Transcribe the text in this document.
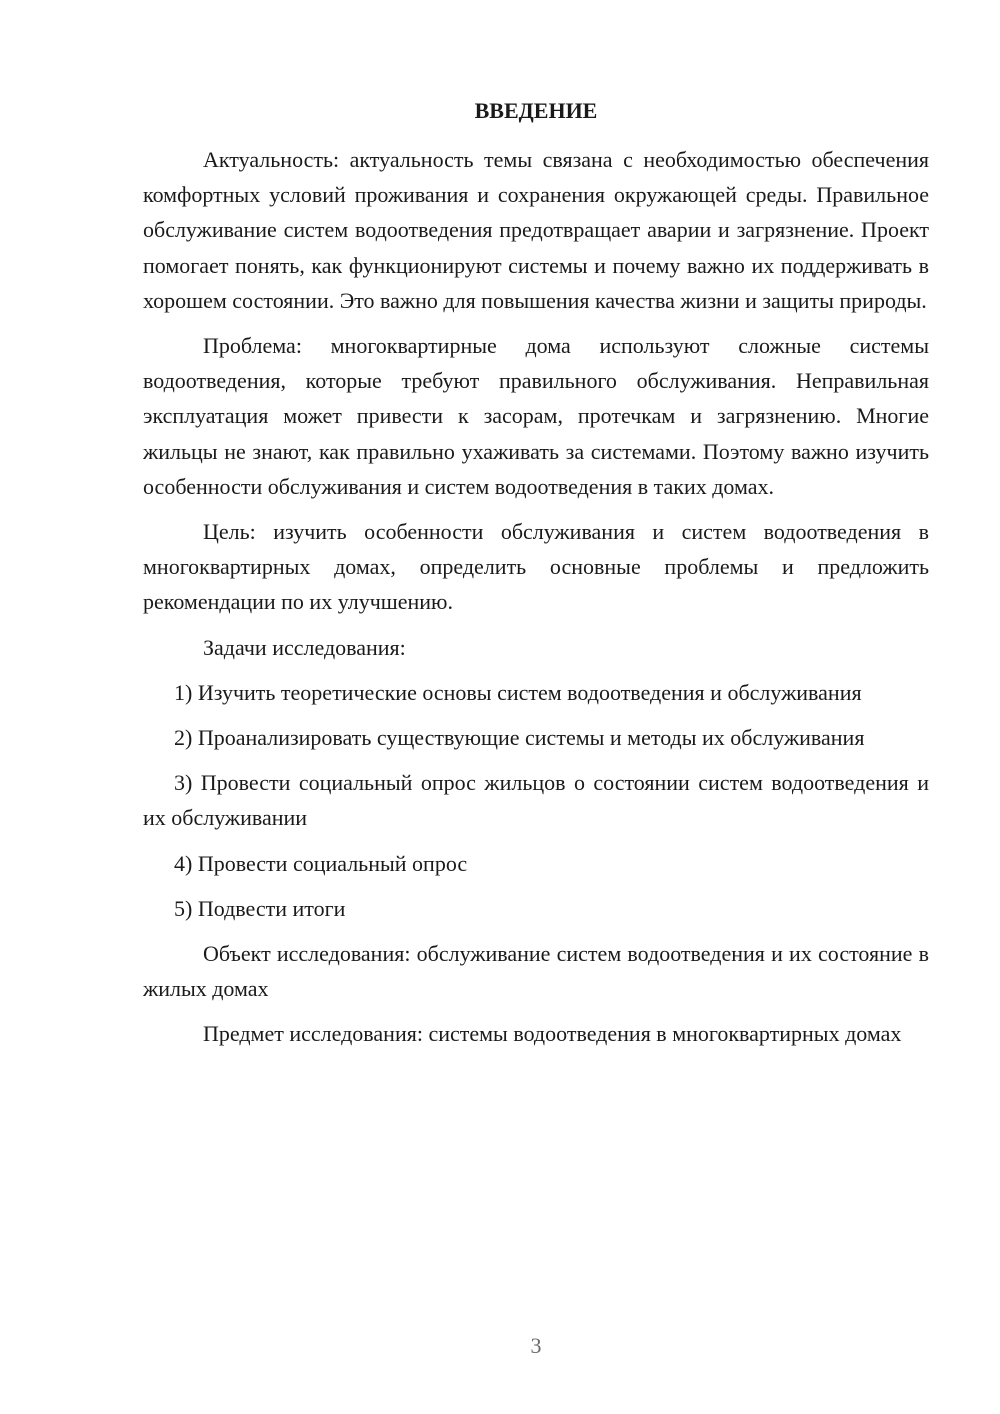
ВВЕДЕНИЕ

Актуальность: актуальность темы связана с необходимостью обеспечения комфортных условий проживания и сохранения окружающей среды. Правильное обслуживание систем водоотведения предотвращает аварии и загрязнение. Проект помогает понять, как функционируют системы и почему важно их поддерживать в хорошем состоянии. Это важно для повышения качества жизни и защиты природы.

Проблема: многоквартирные дома используют сложные системы водоотведения, которые требуют правильного обслуживания. Неправильная эксплуатация может привести к засорам, протечкам и загрязнению. Многие жильцы не знают, как правильно ухаживать за системами. Поэтому важно изучить особенности обслуживания и систем водоотведения в таких домах.

Цель: изучить особенности обслуживания и систем водоотведения в многоквартирных домах, определить основные проблемы и предложить рекомендации по их улучшению.

Задачи исследования:

1) Изучить теоретические основы систем водоотведения и обслуживания

2) Проанализировать существующие системы и методы их обслуживания

3) Провести социальный опрос жильцов о состоянии систем водоотведения и их обслуживании

4) Провести социальный опрос

5) Подвести итоги

Объект исследования: обслуживание систем водоотведения и их состояние в жилых домах

Предмет исследования: системы водоотведения в многоквартирных домах

3
